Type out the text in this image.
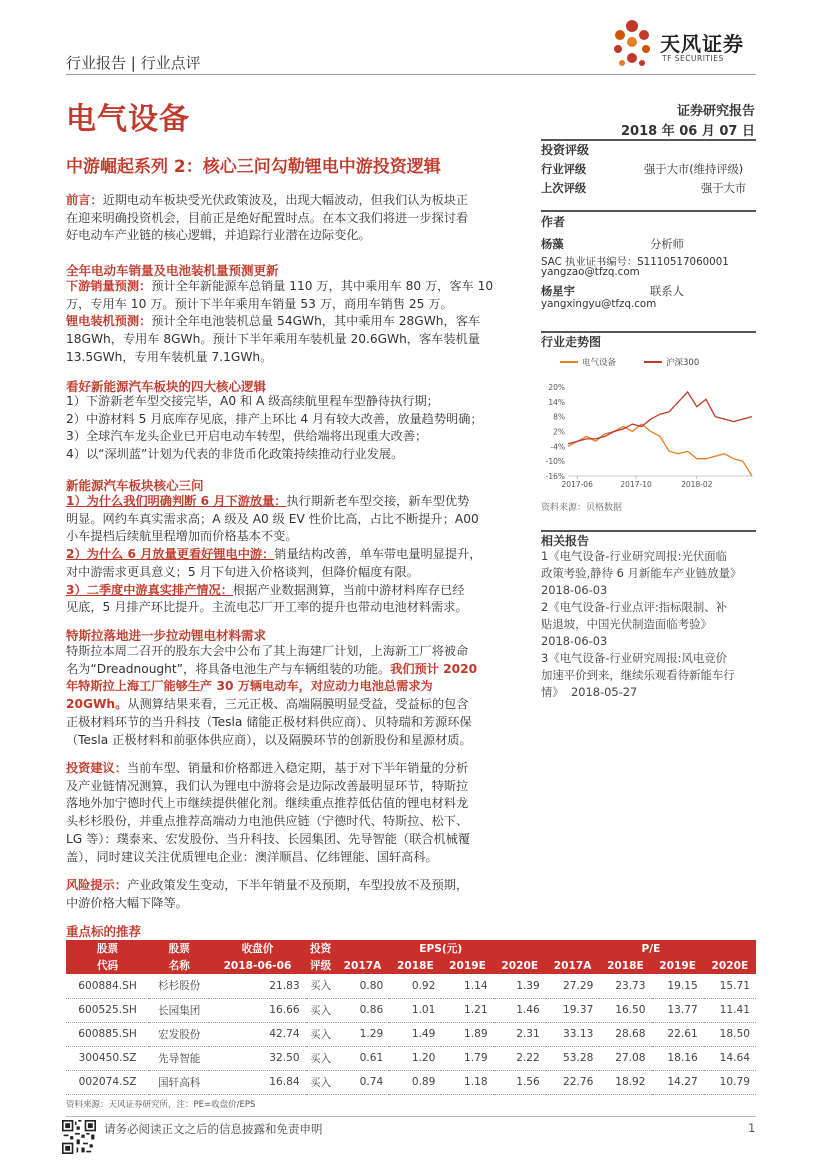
行业报告 | 行业点评
天风证券
TF SECURITIES
电气设备	证券研究报告
2018 年 06 月 07 日
中游崛起系列 2：核心三问勾勒锂电中游投资逻辑
前言：近期电动车板块受光伏政策波及，出现大幅波动，但我们认为板块正
在迎来明确投资机会，目前正是绝好配置时点。在本文我们将进一步探讨看
好电动车产业链的核心逻辑，并追踪行业潜在边际变化。
全年电动车销量及电池装机量预测更新
下游销量预测：预计全年新能源车总销量 110 万，其中乘用车 80 万，客车 10
万，专用车 10 万。预计下半年乘用车销量 53 万，商用车销售 25 万。
锂电装机预测：预计全年电池装机总量 54GWh，其中乘用车 28GWh，客车
18GWh，专用车 8GWh。预计下半年乘用车装机量 20.6GWh，客车装机量
13.5GWh，专用车装机量 7.1GWh。
看好新能源汽车板块的四大核心逻辑
1）下游新老车型交接完毕，A0 和 A 级高续航里程车型静待执行期；
2）中游材料 5 月底库存见底，排产上环比 4 月有较大改善，放量趋势明确；
3）全球汽车龙头企业已开启电动车转型，供给端将出现重大改善；
4）以“深圳蓝”计划为代表的非货币化政策持续推动行业发展。
新能源汽车板块核心三问
1）为什么我们明确判断 6 月下游放量：执行期新老车型交接，新车型优势
明显。网约车真实需求高；A 级及 A0 级 EV 性价比高，占比不断提升；A00
小车提档后续航里程增加而价格基本不变。
2）为什么 6 月放量更看好锂电中游：销量结构改善，单车带电量明显提升，
对中游需求更具意义；5 月下旬进入价格谈判，但降价幅度有限。
3）二季度中游真实排产情况：根据产业数据测算，当前中游材料库存已经
见底，5 月排产环比提升。主流电芯厂开工率的提升也带动电池材料需求。
特斯拉落地进一步拉动锂电材料需求
特斯拉本周二召开的股东大会中公布了其上海建厂计划，上海新工厂将被命
名为“Dreadnought”，将具备电池生产与车辆组装的功能。我们预计 2020
年特斯拉上海工厂能够生产 30 万辆电动车，对应动力电池总需求为
20GWh。从测算结果来看，三元正极、高端隔膜明显受益，受益标的包含
正极材料环节的当升科技（Tesla 储能正极材料供应商）、贝特瑞和芳源环保
（Tesla 正极材料和前驱体供应商），以及隔膜环节的创新股份和星源材质。
投资建议：当前车型、销量和价格都进入稳定期，基于对下半年销量的分析
及产业链情况测算，我们认为锂电中游将会是边际改善最明显环节，特斯拉
落地外加宁德时代上市继续提供催化剂。继续重点推荐低估值的锂电材料龙
头杉杉股份，并重点推荐高端动力电池供应链（宁德时代、特斯拉、松下、
LG 等）：璞泰来、宏发股份、当升科技、长园集团、先导智能（联合机械覆
盖），同时建议关注优质锂电企业：澳洋顺昌、亿纬锂能、国轩高科。
风险提示：产业政策发生变动，下半年销量不及预期，车型投放不及预期，
中游价格大幅下降等。
投资评级
行业评级	强于大市(维持评级)
上次评级	强于大市
作者
杨藻	分析师
SAC 执业证书编号：S1110517060001
yangzao@tfzq.com
杨星宇	联系人
yangxingyu@tfzq.com
行业走势图
电气设备	沪深300
20%
14%
8%
2%
-4%
-10%
-16%
2017-06	2017-10	2018-02
资料来源：贝格数据
相关报告
1《电气设备-行业研究周报:光伏面临
政策考验,静待 6 月新能车产业链放量》
2018-06-03
2《电气设备-行业点评:指标限制、补
贴退坡，中国光伏制造面临考验》
2018-06-03
3《电气设备-行业研究周报:风电竞价
加速平价到来，继续乐观看待新能车行
情》 2018-05-27
重点标的推荐
股票	股票	收盘价	投资	EPS(元)				P/E			
代码	名称	2018-06-06	评级	2017A	2018E	2019E	2020E	2017A	2018E	2019E	2020E
600884.SH	杉杉股份	21.83	买入	0.80	0.92	1.14	1.39	27.29	23.73	19.15	15.71
600525.SH	长园集团	16.66	买入	0.86	1.01	1.21	1.46	19.37	16.50	13.77	11.41
600885.SH	宏发股份	42.74	买入	1.29	1.49	1.89	2.31	33.13	28.68	22.61	18.50
300450.SZ	先导智能	32.50	买入	0.61	1.20	1.79	2.22	53.28	27.08	18.16	14.64
002074.SZ	国轩高科	16.84	买入	0.74	0.89	1.18	1.56	22.76	18.92	14.27	10.79
资料来源：天风证券研究所，注：PE=收盘价/EPS
请务必阅读正文之后的信息披露和免责申明	1
